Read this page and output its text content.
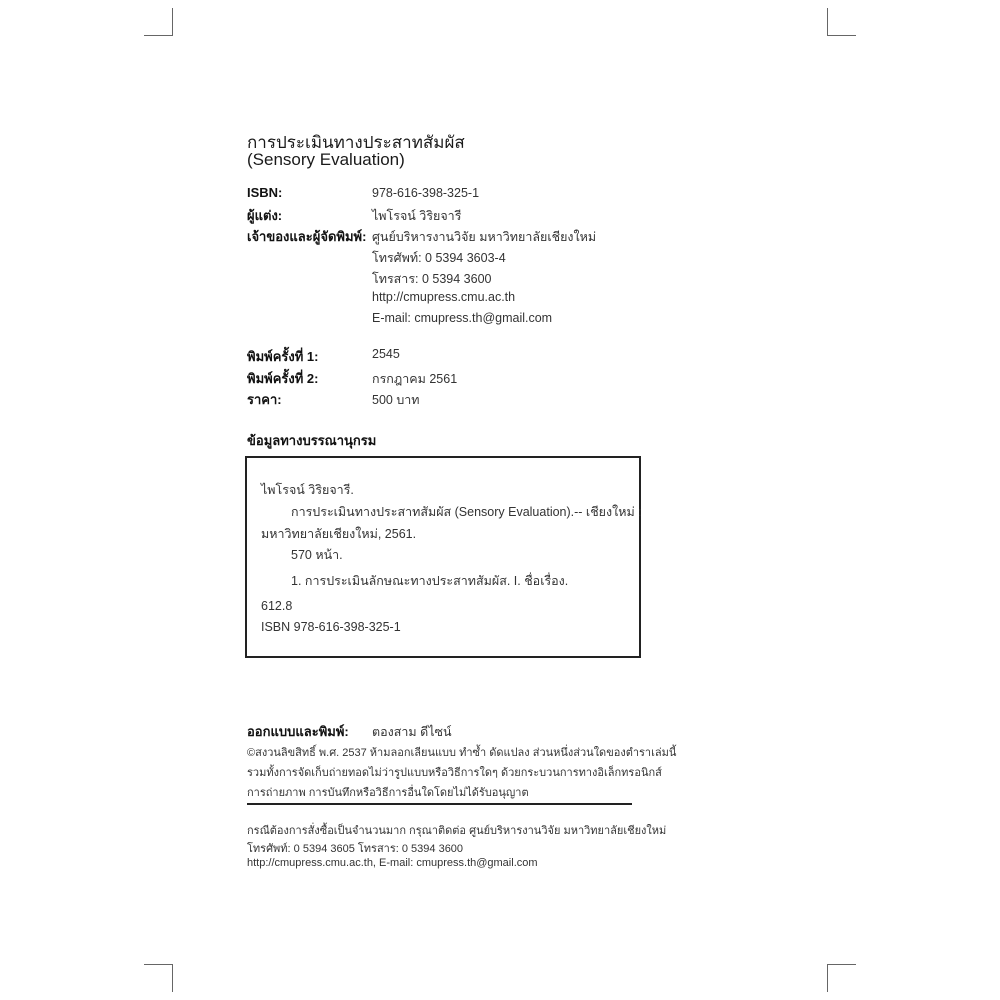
การประเมินทางประสาทสัมผัส
(Sensory Evaluation)
ISBN:	978-616-398-325-1
ผู้แต่ง:	ไพโรจน์ วิริยจารี
เจ้าของและผู้จัดพิมพ์: ศูนย์บริหารงานวิจัย มหาวิทยาลัยเชียงใหม่
โทรศัพท์: 0 5394 3603-4
โทรสาร: 0 5394 3600
http://cmupress.cmu.ac.th
E-mail: cmupress.th@gmail.com
พิมพ์ครั้งที่ 1:	2545
พิมพ์ครั้งที่ 2:	กรกฎาคม 2561
ราคา:	500 บาท
ข้อมูลทางบรรณานุกรม
ไพโรจน์ วิริยจารี.
การประเมินทางประสาทสัมผัส (Sensory Evaluation).-- เชียงใหม่ :
มหาวิทยาลัยเชียงใหม่, 2561.
570 หน้า.
1. การประเมินลักษณะทางประสาทสัมผัส. I. ชื่อเรื่อง.
612.8
ISBN 978-616-398-325-1
ออกแบบและพิมพ์: ตองสาม ดีไซน์
©สงวนลิขสิทธิ์ พ.ศ. 2537 ห้ามลอกเลียนแบบ ทำซ้ำ ดัดแปลง ส่วนหนึ่งส่วนใดของตำราเล่มนี้
รวมทั้งการจัดเก็บถ่ายทอดไม่ว่ารูปแบบหรือวิธีการใดๆ ด้วยกระบวนการทางอิเล็กทรอนิกส์
การถ่ายภาพ การบันทึกหรือวิธีการอื่นใดโดยไม่ได้รับอนุญาต
กรณีต้องการสั่งซื้อเป็นจำนวนมาก กรุณาติดต่อ ศูนย์บริหารงานวิจัย มหาวิทยาลัยเชียงใหม่
โทรศัพท์: 0 5394 3605 โทรสาร: 0 5394 3600
http://cmupress.cmu.ac.th, E-mail: cmupress.th@gmail.com
